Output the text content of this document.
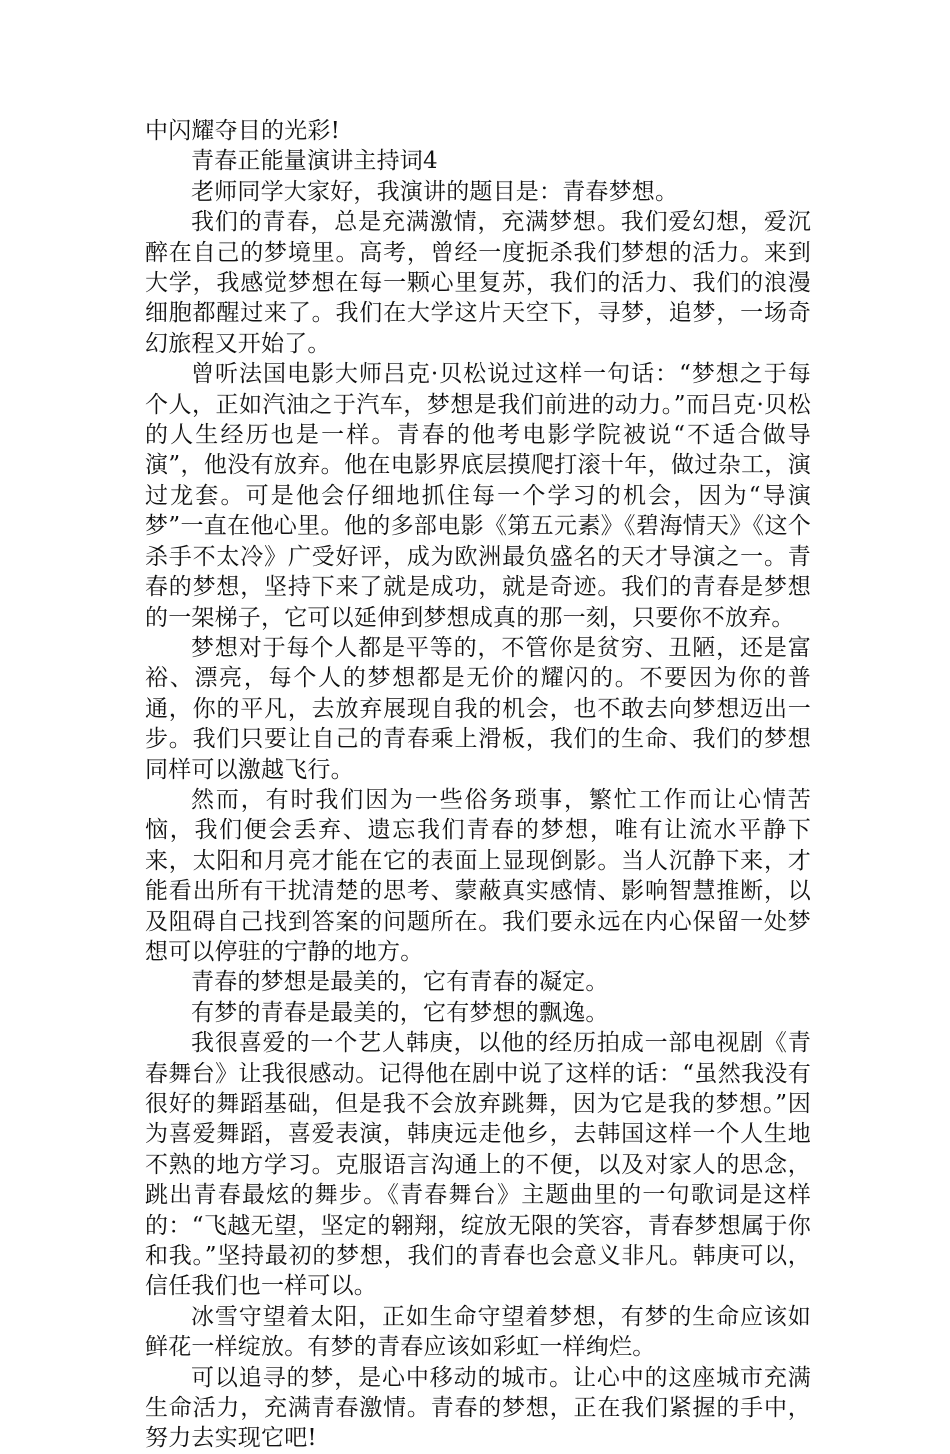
中闪耀夺目的光彩!

青春正能量演讲主持词4

老师同学大家好，我演讲的题目是：青春梦想。

我们的青春，总是充满激情，充满梦想。我们爱幻想，爱沉醉在自己的梦境里。高考，曾经一度扼杀我们梦想的活力。来到大学，我感觉梦想在每一颗心里复苏，我们的活力、我们的浪漫细胞都醒过来了。我们在大学这片天空下，寻梦，追梦，一场奇幻旅程又开始了。

曾听法国电影大师吕克·贝松说过这样一句话：“梦想之于每个人，正如汽油之于汽车，梦想是我们前进的动力。”而吕克·贝松的人生经历也是一样。青春的他考电影学院被说“不适合做导演”，他没有放弃。他在电影界底层摸爬打滚十年，做过杂工，演过龙套。可是他会仔细地抓住每一个学习的机会，因为“导演梦”一直在他心里。他的多部电影《第五元素》《碧海情天》《这个杀手不太冷》广受好评，成为欧洲最负盛名的天才导演之一。青春的梦想，坚持下来了就是成功，就是奇迹。我们的青春是梦想的一架梯子，它可以延伸到梦想成真的那一刻，只要你不放弃。

梦想对于每个人都是平等的，不管你是贫穷、丑陋，还是富裕、漂亮，每个人的梦想都是无价的耀闪的。不要因为你的普通，你的平凡，去放弃展现自我的机会，也不敢去向梦想迈出一步。我们只要让自己的青春乘上滑板，我们的生命、我们的梦想同样可以激越飞行。

然而，有时我们因为一些俗务琐事，繁忙工作而让心情苦恼，我们便会丢弃、遗忘我们青春的梦想，唯有让流水平静下来，太阳和月亮才能在它的表面上显现倒影。当人沉静下来，才能看出所有干扰清楚的思考、蒙蔽真实感情、影响智慧推断，以及阻碍自己找到答案的问题所在。我们要永远在内心保留一处梦想可以停驻的宁静的地方。

青春的梦想是最美的，它有青春的凝定。

有梦的青春是最美的，它有梦想的飘逸。

我很喜爱的一个艺人韩庚，以他的经历拍成一部电视剧《青春舞台》让我很感动。记得他在剧中说了这样的话：“虽然我没有很好的舞蹈基础，但是我不会放弃跳舞，因为它是我的梦想。”因为喜爱舞蹈，喜爱表演，韩庚远走他乡，去韩国这样一个人生地不熟的地方学习。克服语言沟通上的不便，以及对家人的思念，跳出青春最炫的舞步。《青春舞台》主题曲里的一句歌词是这样的：“飞越无望，坚定的翱翔，绽放无限的笑容，青春梦想属于你和我。”坚持最初的梦想，我们的青春也会意义非凡。韩庚可以，信任我们也一样可以。

冰雪守望着太阳，正如生命守望着梦想，有梦的生命应该如鲜花一样绽放。有梦的青春应该如彩虹一样绚烂。

可以追寻的梦，是心中移动的城市。让心中的这座城市充满生命活力，充满青春激情。青春的梦想，正在我们紧握的手中，努力去实现它吧!
